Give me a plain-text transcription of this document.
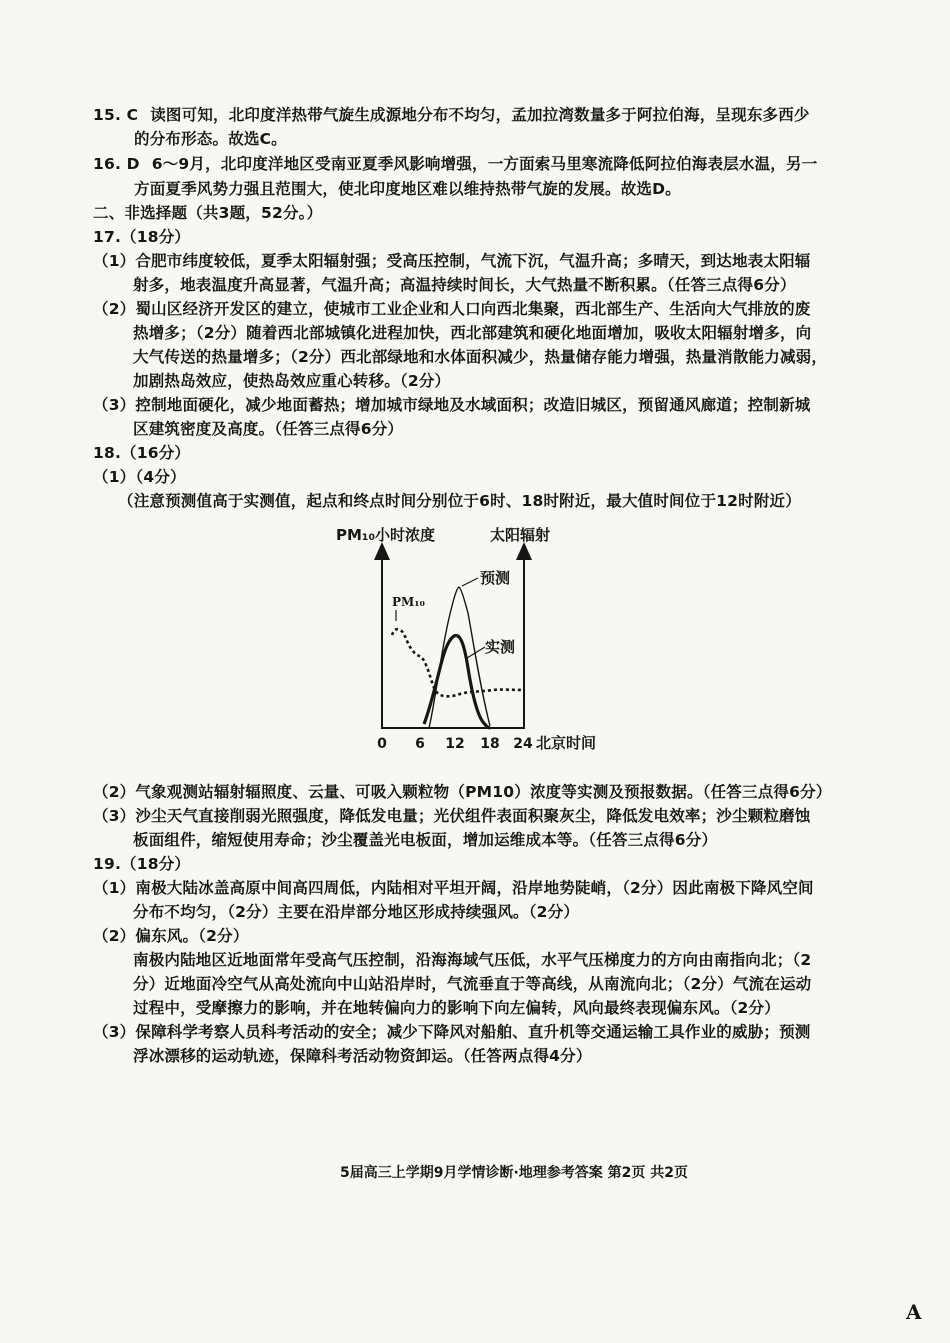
15. C 读图可知，北印度洋热带气旋生成源地分布不均匀，孟加拉湾数量多于阿拉伯海，呈现东多西少
的分布形态。故选C。
16. D 6～9月，北印度洋地区受南亚夏季风影响增强，一方面索马里寒流降低阿拉伯海表层水温，另一
方面夏季风势力强且范围大，使北印度地区难以维持热带气旋的发展。故选D。
二、非选择题（共3题，52分。）
17.（18分）
（1）合肥市纬度较低，夏季太阳辐射强；受高压控制，气流下沉，气温升高；多晴天，到达地表太阳辐
射多，地表温度升高显著，气温升高；高温持续时间长，大气热量不断积累。（任答三点得6分）
（2）蜀山区经济开发区的建立，使城市工业企业和人口向西北集聚，西北部生产、生活向大气排放的废
热增多；（2分）随着西北部城镇化进程加快，西北部建筑和硬化地面增加，吸收太阳辐射增多，向
大气传送的热量增多；（2分）西北部绿地和水体面积减少，热量储存能力增强，热量消散能力减弱，
加剧热岛效应，使热岛效应重心转移。（2分）
（3）控制地面硬化，减少地面蓄热；增加城市绿地及水域面积；改造旧城区，预留通风廊道；控制新城
区建筑密度及高度。（任答三点得6分）
18.（16分）
（1）（4分）
（注意预测值高于实测值，起点和终点时间分别位于6时、18时附近，最大值时间位于12时附近）
PM₁₀小时浓度	太阳辐射
PM₁₀
预测
实测
0 6 12 18 24 北京时间
（2）气象观测站辐射辐照度、云量、可吸入颗粒物（PM10）浓度等实测及预报数据。（任答三点得6分）
（3）沙尘天气直接削弱光照强度，降低发电量；光伏组件表面积聚灰尘，降低发电效率；沙尘颗粒磨蚀
板面组件，缩短使用寿命；沙尘覆盖光电板面，增加运维成本等。（任答三点得6分）
19.（18分）
（1）南极大陆冰盖高原中间高四周低，内陆相对平坦开阔，沿岸地势陡峭，（2分）因此南极下降风空间
分布不均匀，（2分）主要在沿岸部分地区形成持续强风。（2分）
（2）偏东风。（2分）
南极内陆地区近地面常年受高气压控制，沿海海域气压低，水平气压梯度力的方向由南指向北；（2
分）近地面冷空气从高处流向中山站沿岸时，气流垂直于等高线，从南流向北；（2分）气流在运动
过程中，受摩擦力的影响，并在地转偏向力的影响下向左偏转，风向最终表现偏东风。（2分）
（3）保障科学考察人员科考活动的安全；减少下降风对船舶、直升机等交通运输工具作业的威胁；预测
浮冰漂移的运动轨迹，保障科考活动物资卸运。（任答两点得4分）
5届高三上学期9月学情诊断·地理参考答案 第2页 共2页
A
